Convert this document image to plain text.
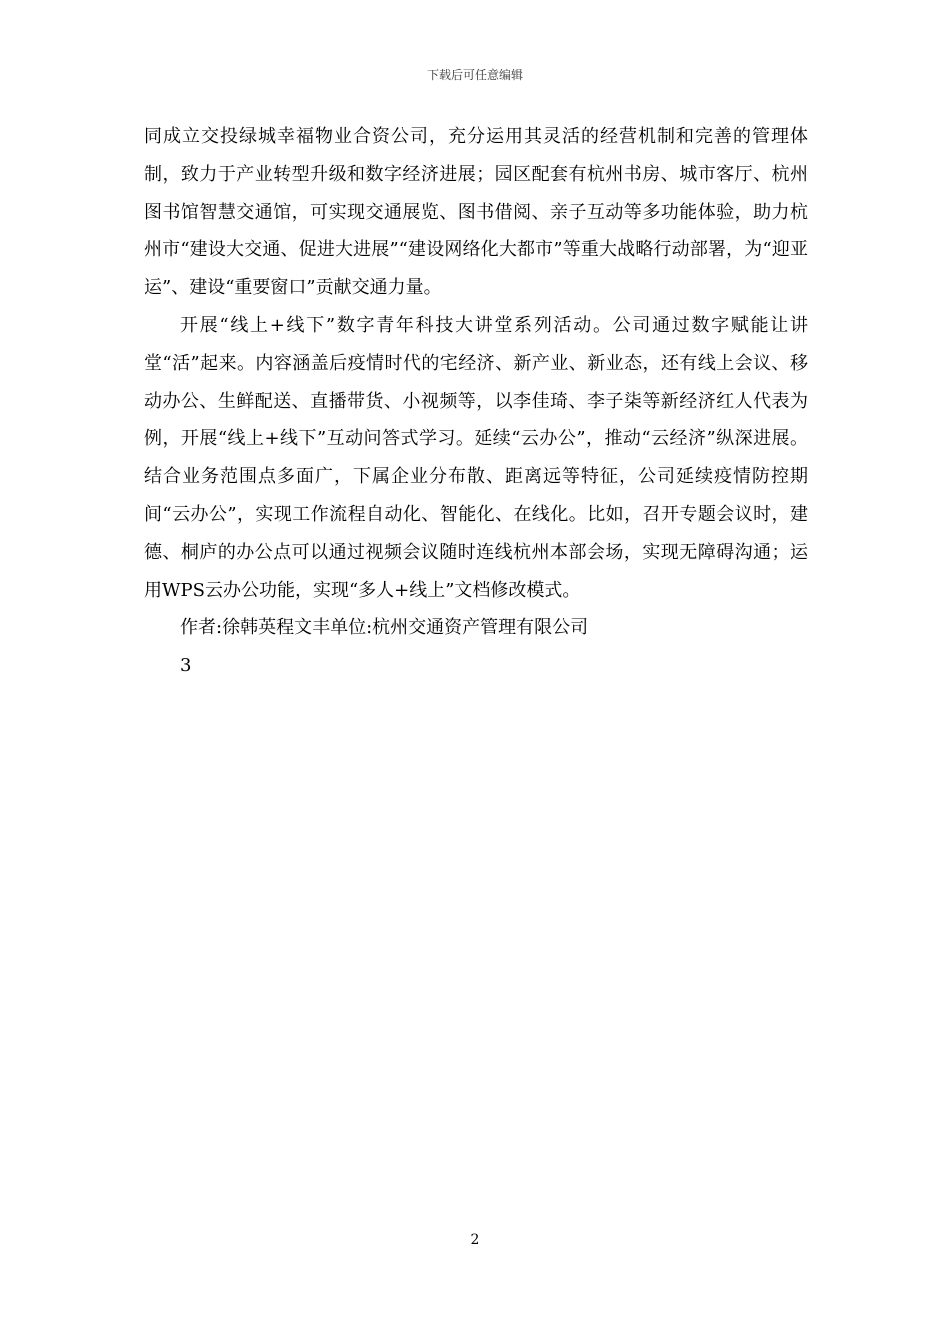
下载后可任意编辑

同成立交投绿城幸福物业合资公司，充分运用其灵活的经营机制和完善的管理体制，致力于产业转型升级和数字经济进展；园区配套有杭州书房、城市客厅、杭州图书馆智慧交通馆，可实现交通展览、图书借阅、亲子互动等多功能体验，助力杭州市“建设大交通、促进大进展”“建设网络化大都市”等重大战略行动部署，为“迎亚运”、建设“重要窗口”贡献交通力量。

开展“线上+线下”数字青年科技大讲堂系列活动。公司通过数字赋能让讲堂“活”起来。内容涵盖后疫情时代的宅经济、新产业、新业态，还有线上会议、移动办公、生鲜配送、直播带货、小视频等，以李佳琦、李子柒等新经济红人代表为例，开展“线上+线下”互动问答式学习。延续“云办公”，推动“云经济”纵深进展。结合业务范围点多面广，下属企业分布散、距离远等特征，公司延续疫情防控期间“云办公”，实现工作流程自动化、智能化、在线化。比如，召开专题会议时，建德、桐庐的办公点可以通过视频会议随时连线杭州本部会场，实现无障碍沟通；运用WPS云办公功能，实现“多人+线上”文档修改模式。

作者:徐韩英程文丰单位:杭州交通资产管理有限公司

3

2
